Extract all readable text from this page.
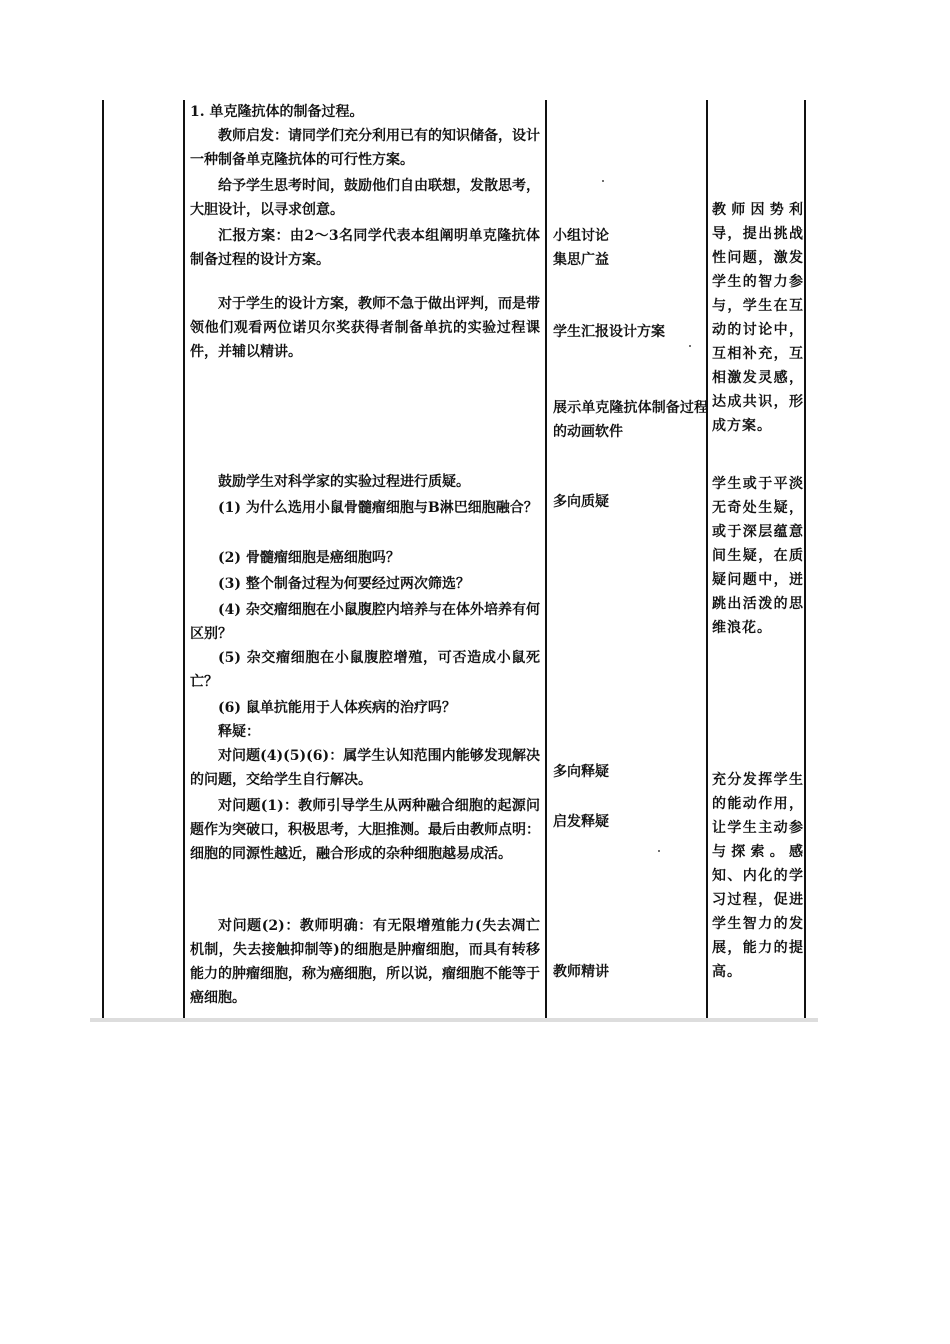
1. 单克隆抗体的制备过程。

教师启发：请同学们充分利用已有的知识储备，设计一种制备单克隆抗体的可行性方案。

给予学生思考时间，鼓励他们自由联想，发散思考，大胆设计，以寻求创意。

汇报方案：由2～3名同学代表本组阐明单克隆抗体制备过程的设计方案。

对于学生的设计方案，教师不急于做出评判，而是带领他们观看两位诺贝尔奖获得者制备单抗的实验过程课件，并辅以精讲。

鼓励学生对科学家的实验过程进行质疑。

(1) 为什么选用小鼠骨髓瘤细胞与B淋巴细胞融合？

(2) 骨髓瘤细胞是癌细胞吗？

(3) 整个制备过程为何要经过两次筛选？

(4) 杂交瘤细胞在小鼠腹腔内培养与在体外培养有何区别？

(5) 杂交瘤细胞在小鼠腹腔增殖，可否造成小鼠死亡？

(6) 鼠单抗能用于人体疾病的治疗吗？

释疑：

对问题(4)(5)(6)：属学生认知范围内能够发现解决的问题，交给学生自行解决。

对问题(1)：教师引导学生从两种融合细胞的起源问题作为突破口，积极思考，大胆推测。最后由教师点明：细胞的同源性越近，融合形成的杂种细胞越易成活。

对问题(2)：教师明确：有无限增殖能力(失去凋亡机制，失去接触抑制等)的细胞是肿瘤细胞，而具有转移能力的肿瘤细胞，称为癌细胞，所以说，瘤细胞不能等于癌细胞。

小组讨论

集思广益

学生汇报设计方案

展示单克隆抗体制备过程的动画软件

多向质疑

多向释疑

启发释疑

教师精讲

教师因势利导，提出挑战性问题，激发学生的智力参与，学生在互动的讨论中，互相补充，互相激发灵感，达成共识，形成方案。

学生或于平淡无奇处生疑，或于深层蕴意间生疑，在质疑问题中，迸跳出活泼的思维浪花。

充分发挥学生的能动作用，让学生主动参与探索。感知、内化的学习过程，促进学生智力的发展，能力的提高。
